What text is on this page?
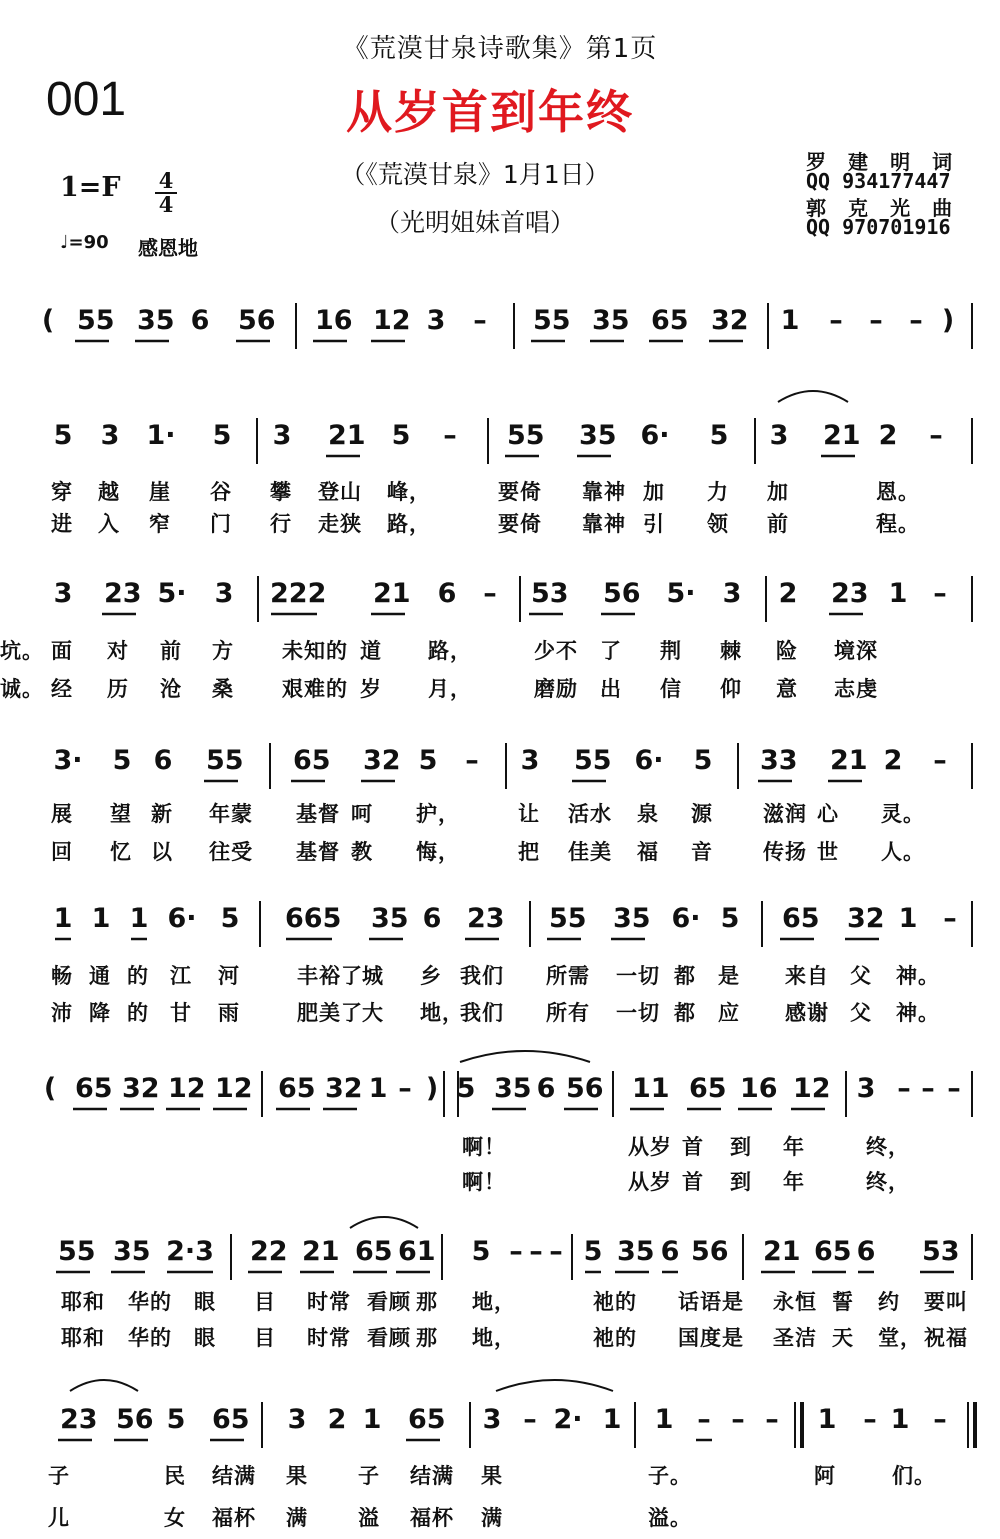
《荒漠甘泉诗歌集》第1页
001	从岁首到年终
（《荒漠甘泉》1月1日）
（光明姐妹首唱）
罗 建 明 词
QQ 934177447
郭 克 光 曲
QQ 970701916
$1=F \frac{4}{4}$
♩=90 感恩地
( 55 35 6 56 16 12 3	–	55 35 65 32 1	– – – )
5 3 1· 5 3 21 5	–	55 35 6· 5 3 21 2	–
穿 越 崖 谷 攀 登山 峰，	要倚 靠神 加 力 加	恩。
进 入 窄 门 行 走狭 路，	要倚 靠神 引 领 前	程。
3 23 5· 3 222 21 6 –	53 56 5· 3 2 23 1 –
面 对 前 方 未知的 道 路，	少不 了 荆 棘 险 境深
坑。
经 历 沧 桑 艰难的 岁 月，	磨励 出 信 仰 意 志虔
诚。
3· 5 6 55 65 32 5	–	3 55 6· 5 33 21 2	–
展 望 新 年蒙 基督 呵 护，	让 活水 泉 源 滋润 心 灵。
回 忆 以 往受 基督 教 悔，	把 佳美 福 音 传扬 世 人。
1 1 1 6· 5 665 35 6 23 55 35 6· 5 65 32 1 –
畅 通 的 江 河	丰裕了 城 乡 我们 所需 一切 都 是 来自 父 神。
沛 降 的 甘 雨	肥美了 大 地，
我们 所有 一切 都 应 感谢 父 神。
( 65 32 12 12 65 32 1 – ) 5 35 6 56 11 65 16 12 3 – – –
啊！	从岁 首 到 年	终，
啊！	从岁 首 到 年	终，
55 35 2·3 22 21 65 61 5 – – – 5 35 6 56 21 65 6 53
耶和 华的 眼 目 时常 看顾 那 地，	祂的 话语是 永恒 誓 约 要叫
耶和 华的 眼 目 时常 看顾 那 地，	祂的 国度是 圣洁 天 堂， 祝福
23 56 5 65 3 2 1 65 3 – 2· 1 1 – – –	1 – 1 –
子	民 结满 果 子 结满 果	子。	阿	们。
儿	女 福杯 满 溢 福杯 满	溢。
